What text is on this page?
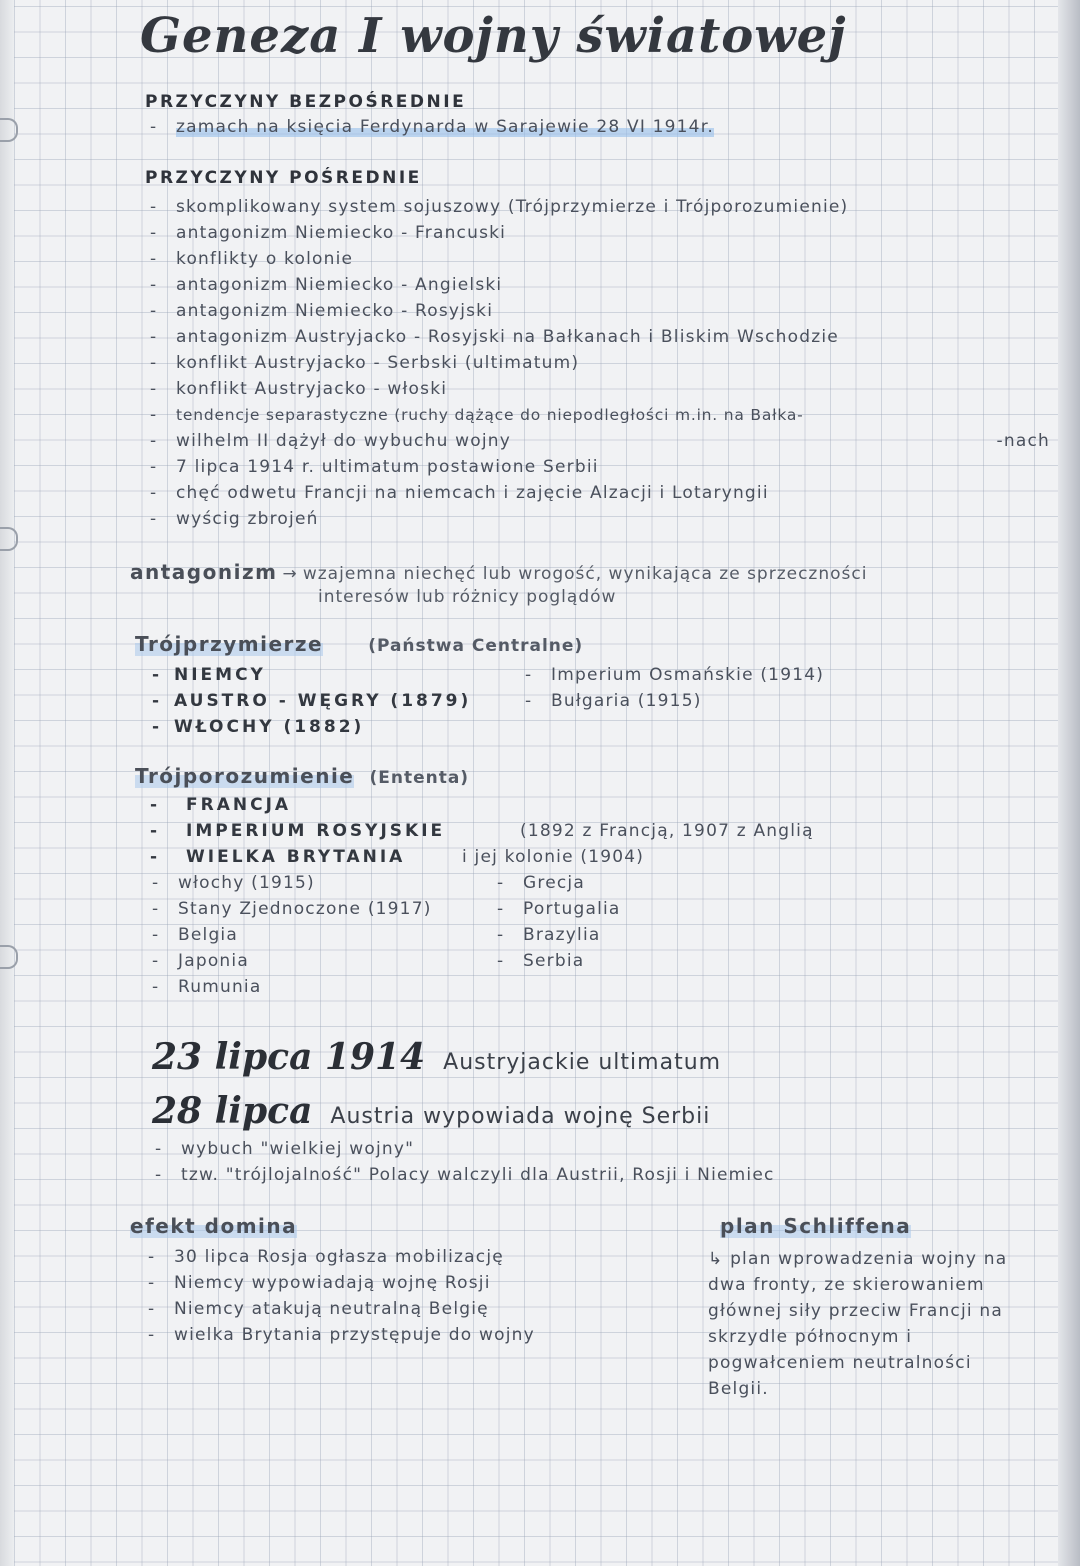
Geneza I wojny światowej
PRZYCZYNY BEZPOŚREDNIE
- zamach na księcia Ferdynarda w Sarajewie 28 VI 1914r.
PRZYCZYNY POŚREDNIE
- skomplikowany system sojuszowy (Trójprzymierze i Trójporozumienie)
- antagonizm Niemiecko - Francuski
- konflikty o kolonie
- antagonizm Niemiecko - Angielski
- antagonizm Niemiecko - Rosyjski
- antagonizm Austryjacko - Rosyjski na Bałkanach i Bliskim Wschodzie
- konflikt Austryjacko - Serbski (ultimatum)
- konflikt Austryjacko - włoski
- tendencje separastyczne (ruchy dążące do niepodległości m.in. na Bałka-
- wilhelm II dążył do wybuchu wojny	-nach
- 7 lipca 1914 r. ultimatum postawione Serbii
- chęć odwetu Francji na niemcach i zajęcie Alzacji i Lotaryngii
- wyścig zbrojeń
antagonizm → wzajemna niechęć lub wrogość, wynikająca ze sprzeczności
interesów lub różnicy poglądów
Trójprzymierze	(Państwa Centralne)
- NIEMCY
- AUSTRO - WĘGRY (1879)
- WŁOCHY (1882)
- Imperium Osmańskie (1914)
- Bułgaria (1915)
Trójporozumienie (Ententa)
- FRANCJA
- IMPERIUM ROSYJSKIE
- WIELKA BRYTANIA
(1892 z Francją, 1907 z Anglią
i jej kolonie (1904)
- włochy (1915)
- Stany Zjednoczone (1917)
- Belgia
- Japonia
- Rumunia
- Grecja
- Portugalia
- Brazylia
- Serbia
23 lipca 1914 Austryjackie ultimatum
28 lipca Austria wypowiada wojnę Serbii
- wybuch "wielkiej wojny"
- tzw. "trójlojalność" Polacy walczyli dla Austrii, Rosji i Niemiec
efekt domina
- 30 lipca Rosja ogłasza mobilizację
- Niemcy wypowiadają wojnę Rosji
- Niemcy atakują neutralną Belgię
- wielka Brytania przystępuje do wojny
plan Schliffena
↳ plan wprowadzenia wojny na
dwa fronty, ze skierowaniem
głównej siły przeciw Francji na
skrzydle północnym i
pogwałceniem neutralności
Belgii.
